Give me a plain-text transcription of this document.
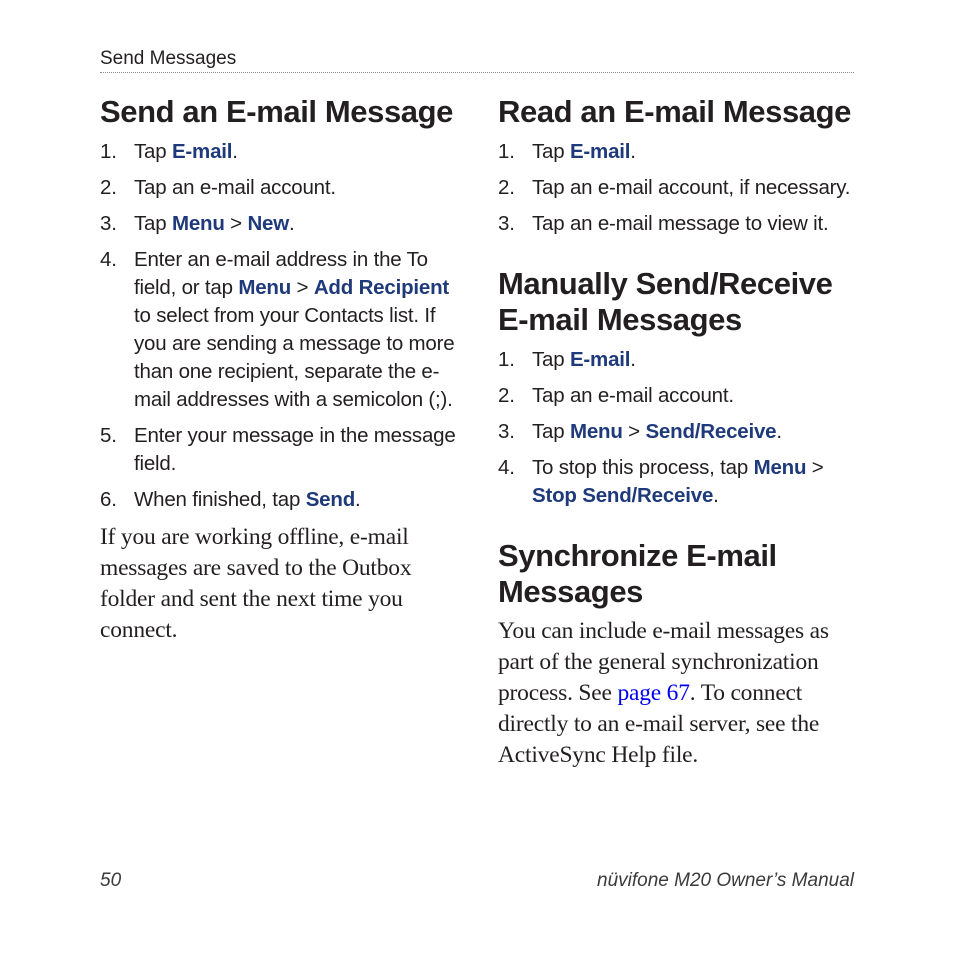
Send Messages
Send an E-mail Message
1. Tap E-mail.
2. Tap an e-mail account.
3. Tap Menu > New.
4. Enter an e-mail address in the To field, or tap Menu > Add Recipient to select from your Contacts list. If you are sending a message to more than one recipient, separate the e-mail addresses with a semicolon (;).
5. Enter your message in the message field.
6. When finished, tap Send.

If you are working offline, e-mail messages are saved to the Outbox folder and sent the next time you connect.

Read an E-mail Message
1. Tap E-mail.
2. Tap an e-mail account, if necessary.
3. Tap an e-mail message to view it.
Manually Send/Receive E-mail Messages
1. Tap E-mail.
2. Tap an e-mail account.
3. Tap Menu > Send/Receive.
4. To stop this process, tap Menu > Stop Send/Receive.
Synchronize E-mail Messages

You can include e-mail messages as part of the general synchronization process. See page 67. To connect directly to an e-mail server, see the ActiveSync Help file.

50	nüvifone M20 Owner’s Manual
